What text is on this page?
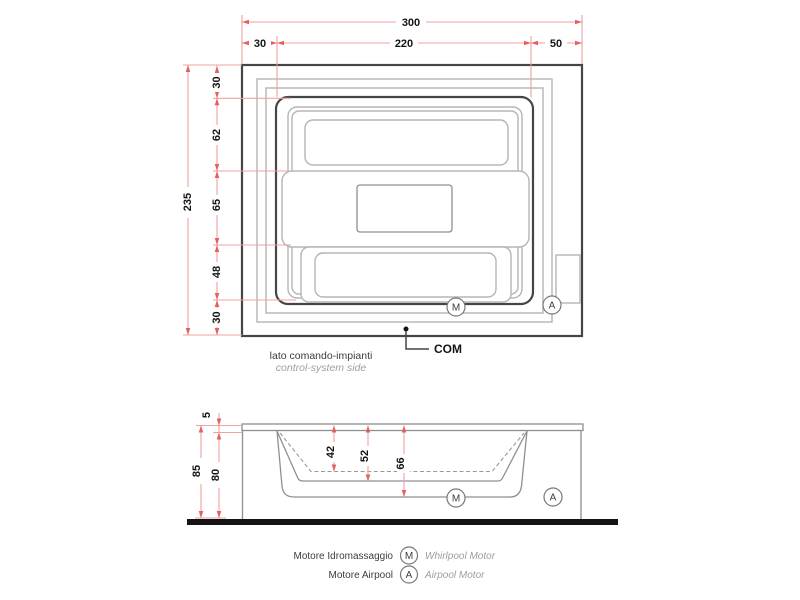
M	A
COM
lato comando-impianti
control-system side
300
30	220	50
235
30
62
65
48
30
M	A
5
85 80
42 52
66
Motore Idromassaggio M Whirlpool Motor
Motore Airpool A Airpool Motor
